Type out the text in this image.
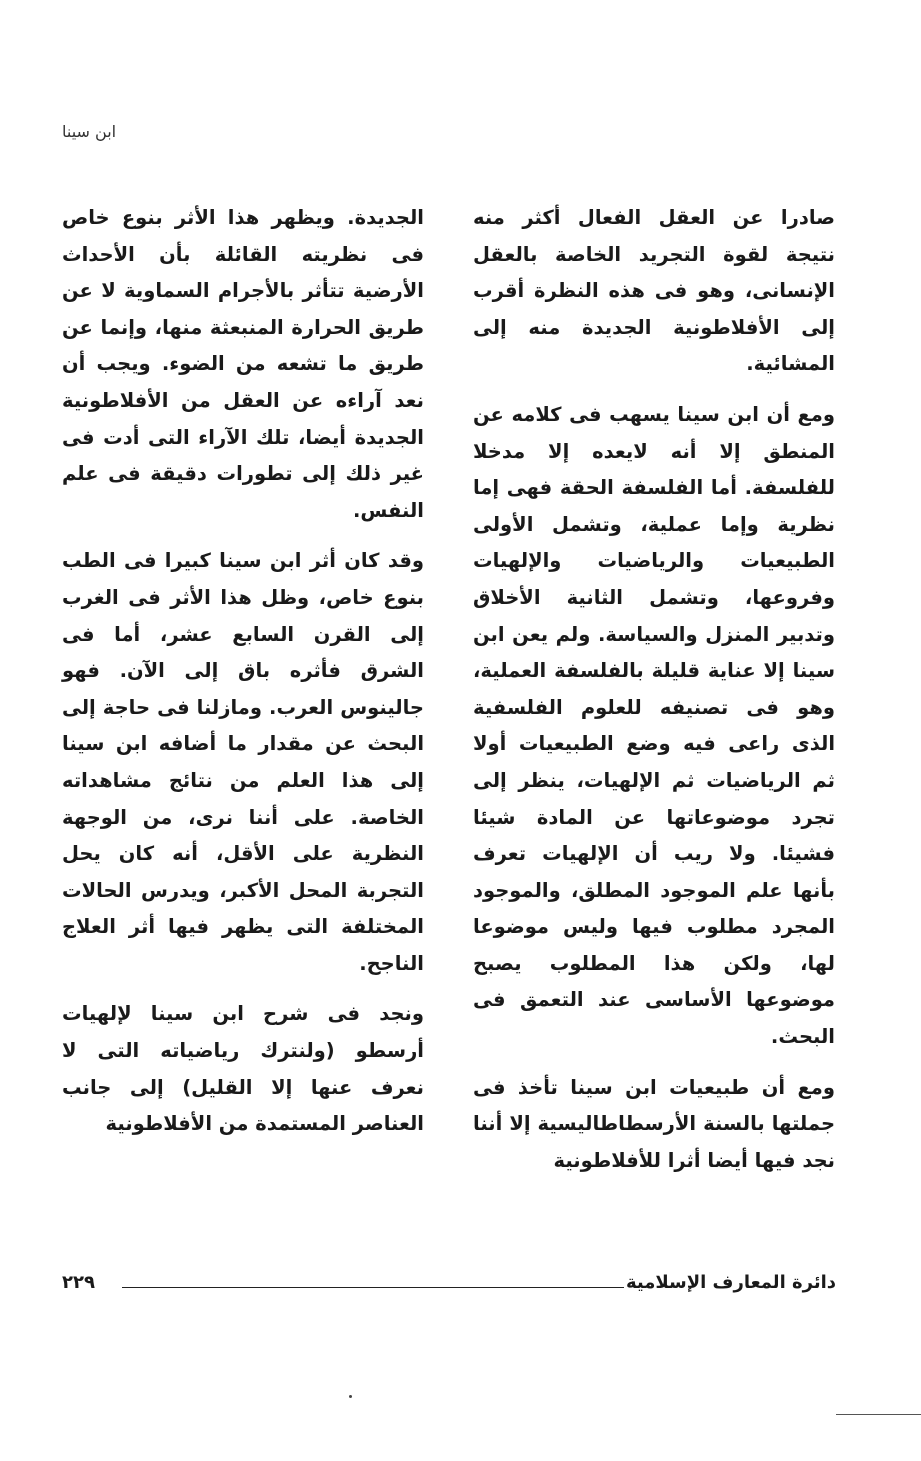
ابن سينا

صادرا عن العقل الفعال أكثر منه نتيجة لقوة التجريد الخاصة بالعقل الإنسانى، وهو فى هذه النظرة أقرب إلى الأفلاطونية الجديدة منه إلى المشائية.

ومع أن ابن سينا يسهب فى كلامه عن المنطق إلا أنه لايعده إلا مدخلا للفلسفة. أما الفلسفة الحقة فهى إما نظرية وإما عملية، وتشمل الأولى الطبيعيات والرياضيات والإلهيات وفروعها، وتشمل الثانية الأخلاق وتدبير المنزل والسياسة. ولم يعن ابن سينا إلا عناية قليلة بالفلسفة العملية، وهو فى تصنيفه للعلوم الفلسفية الذى راعى فيه وضع الطبيعيات أولا ثم الرياضيات ثم الإلهيات، ينظر إلى تجرد موضوعاتها عن المادة شيئا فشيئا. ولا ريب أن الإلهيات تعرف بأنها علم الموجود المطلق، والموجود المجرد مطلوب فيها وليس موضوعا لها، ولكن هذا المطلوب يصبح موضوعها الأساسى عند التعمق فى البحث.

ومع أن طبيعيات ابن سينا تأخذ فى جملتها بالسنة الأرسطاطاليسية إلا أننا نجد فيها أيضا أثرا للأفلاطونية

الجديدة. ويظهر هذا الأثر بنوع خاص فى نظريته القائلة بأن الأحداث الأرضية تتأثر بالأجرام السماوية لا عن طريق الحرارة المنبعثة منها، وإنما عن طريق ما تشعه من الضوء. ويجب أن نعد آراءه عن العقل من الأفلاطونية الجديدة أيضا، تلك الآراء التى أدت فى غير ذلك إلى تطورات دقيقة فى علم النفس.

وقد كان أثر ابن سينا كبيرا فى الطب بنوع خاص، وظل هذا الأثر فى الغرب إلى القرن السابع عشر، أما فى الشرق فأثره باق إلى الآن. فهو جالينوس العرب. ومازلنا فى حاجة إلى البحث عن مقدار ما أضافه ابن سينا إلى هذا العلم من نتائج مشاهداته الخاصة. على أننا نرى، من الوجهة النظرية على الأقل، أنه كان يحل التجربة المحل الأكبر، ويدرس الحالات المختلفة التى يظهر فيها أثر العلاج الناجح.

ونجد فى شرح ابن سينا لإلهيات أرسطو (ولنترك رياضياته التى لا نعرف عنها إلا القليل) إلى جانب العناصر المستمدة من الأفلاطونية

دائرة المعارف الإسلامية
٢٢٩
